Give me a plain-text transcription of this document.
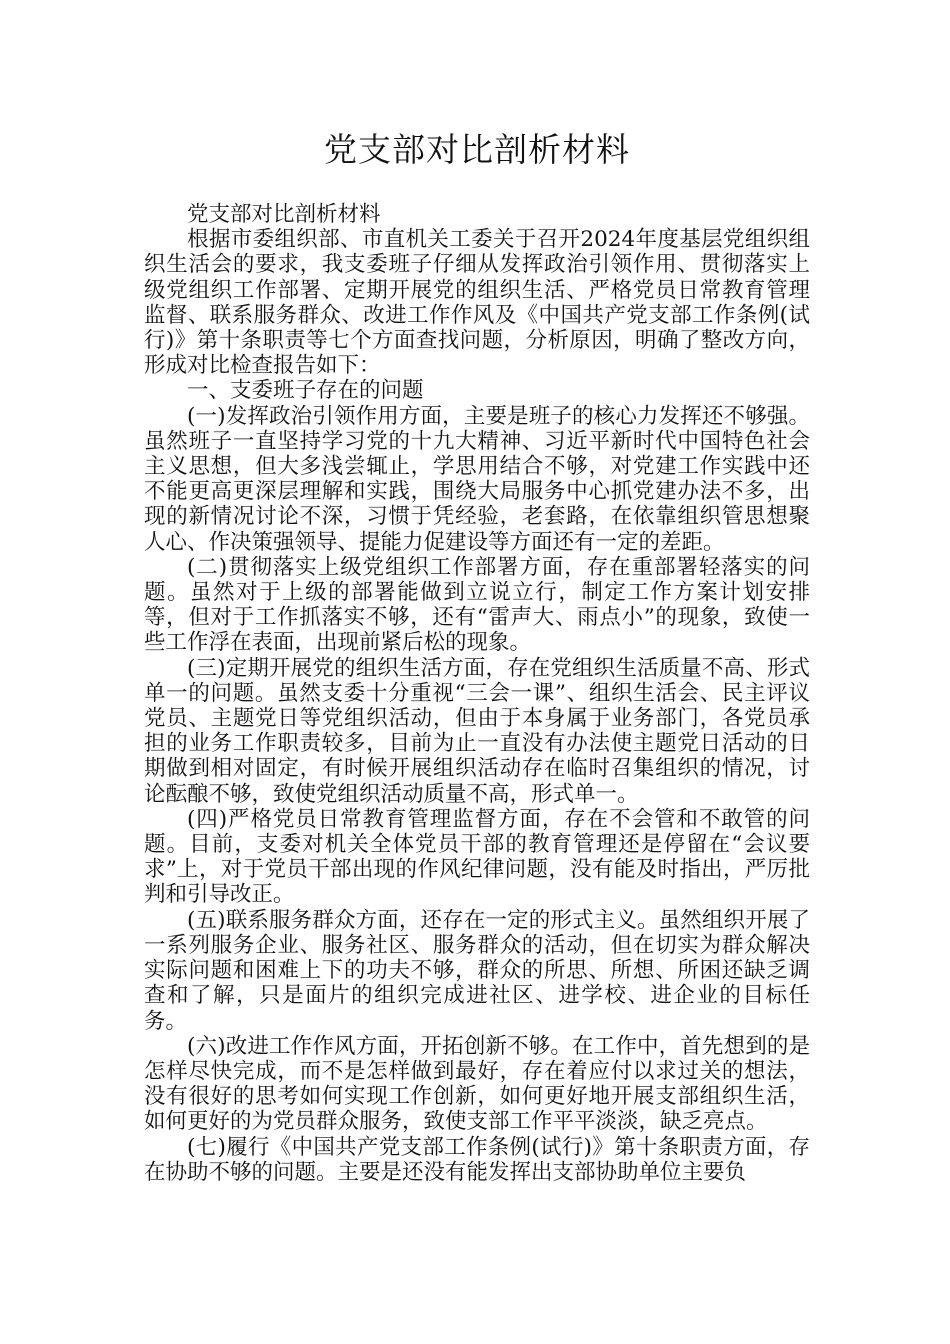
党支部对比剖析材料

党支部对比剖析材料

根据市委组织部、市直机关工委关于召开2024年度基层党组织组织生活会的要求，我支委班子仔细从发挥政治引领作用、贯彻落实上级党组织工作部署、定期开展党的组织生活、严格党员日常教育管理监督、联系服务群众、改进工作作风及《中国共产党支部工作条例(试行)》第十条职责等七个方面查找问题，分析原因，明确了整改方向，形成对比检查报告如下：

一、支委班子存在的问题

(一)发挥政治引领作用方面，主要是班子的核心力发挥还不够强。虽然班子一直坚持学习党的十九大精神、习近平新时代中国特色社会主义思想，但大多浅尝辄止，学思用结合不够，对党建工作实践中还不能更高更深层理解和实践，围绕大局服务中心抓党建办法不多，出现的新情况讨论不深，习惯于凭经验，老套路，在依靠组织管思想聚人心、作决策强领导、提能力促建设等方面还有一定的差距。

(二)贯彻落实上级党组织工作部署方面，存在重部署轻落实的问题。虽然对于上级的部署能做到立说立行，制定工作方案计划安排等，但对于工作抓落实不够，还有“雷声大、雨点小”的现象，致使一些工作浮在表面，出现前紧后松的现象。

(三)定期开展党的组织生活方面，存在党组织生活质量不高、形式单一的问题。虽然支委十分重视“三会一课”、组织生活会、民主评议党员、主题党日等党组织活动，但由于本身属于业务部门，各党员承担的业务工作职责较多，目前为止一直没有办法使主题党日活动的日期做到相对固定，有时候开展组织活动存在临时召集组织的情况，讨论酝酿不够，致使党组织活动质量不高，形式单一。

(四)严格党员日常教育管理监督方面，存在不会管和不敢管的问题。目前，支委对机关全体党员干部的教育管理还是停留在“会议要求”上，对于党员干部出现的作风纪律问题，没有能及时指出，严厉批判和引导改正。

(五)联系服务群众方面，还存在一定的形式主义。虽然组织开展了一系列服务企业、服务社区、服务群众的活动，但在切实为群众解决实际问题和困难上下的功夫不够，群众的所思、所想、所困还缺乏调查和了解，只是面片的组织完成进社区、进学校、进企业的目标任务。

(六)改进工作作风方面，开拓创新不够。在工作中，首先想到的是怎样尽快完成，而不是怎样做到最好，存在着应付以求过关的想法，没有很好的思考如何实现工作创新，如何更好地开展支部组织生活，如何更好的为党员群众服务，致使支部工作平平淡淡，缺乏亮点。

(七)履行《中国共产党支部工作条例(试行)》第十条职责方面，存在协助不够的问题。主要是还没有能发挥出支部协助单位主要负
